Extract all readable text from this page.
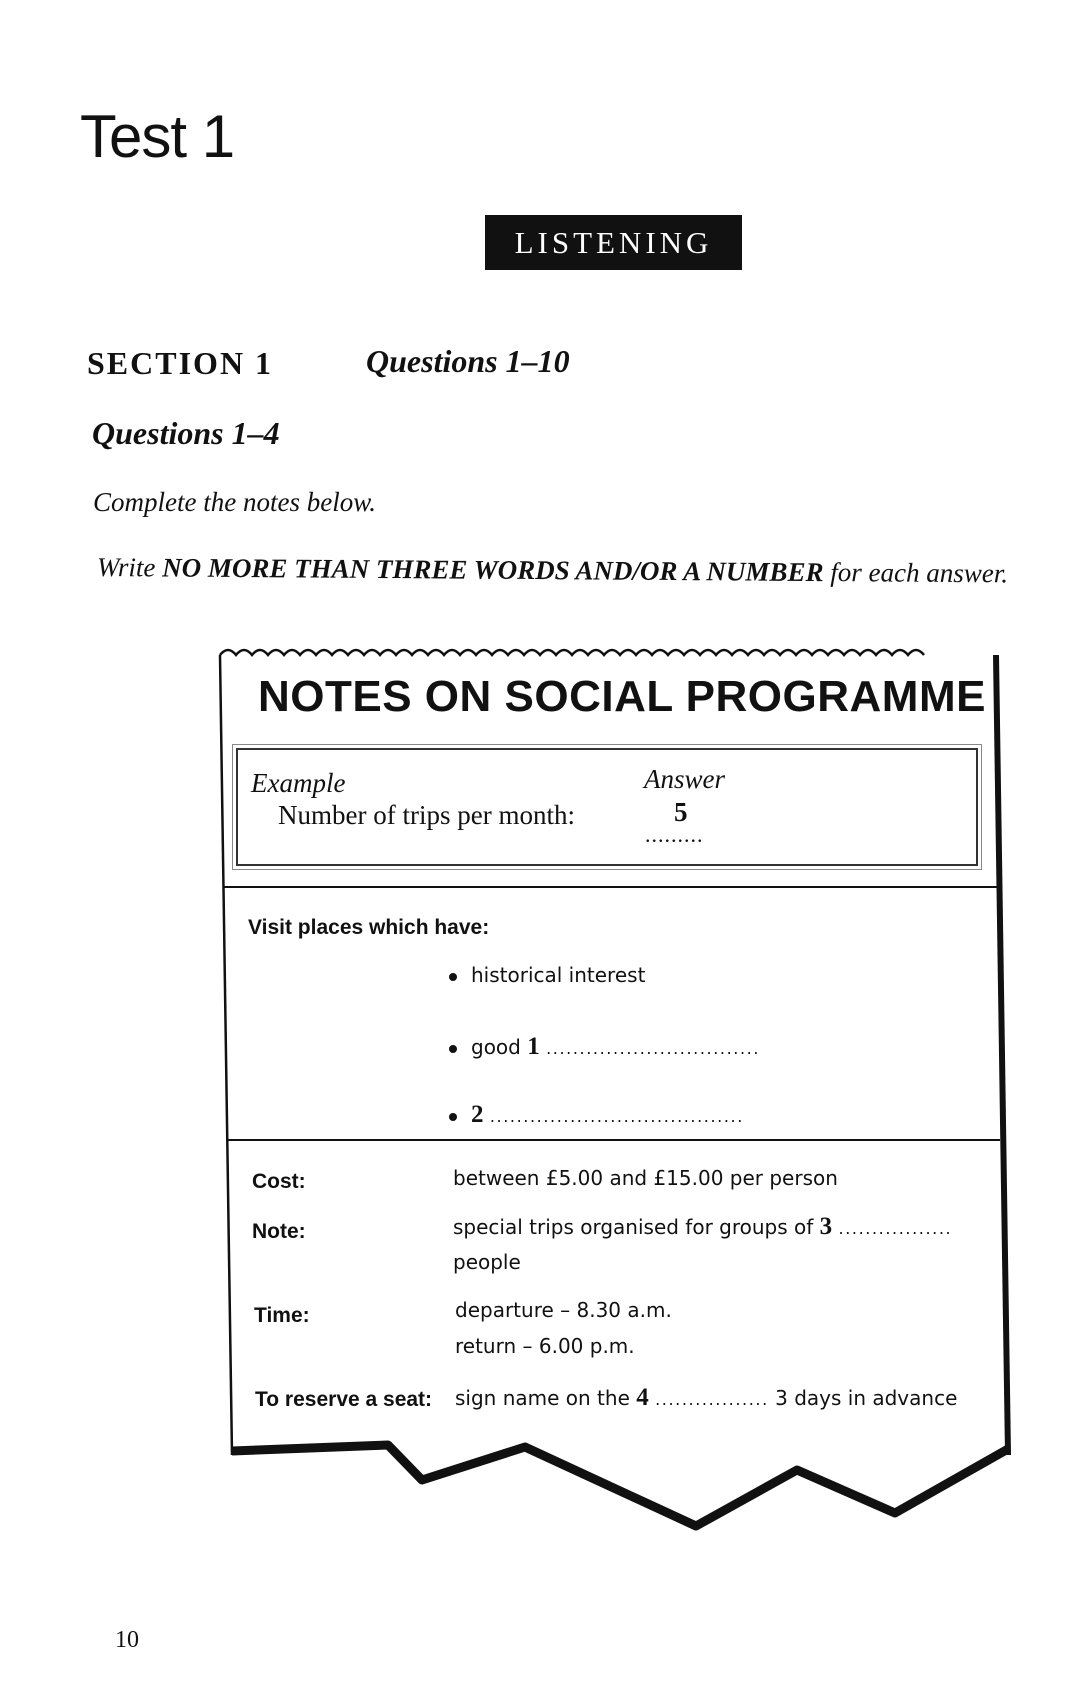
Test 1
LISTENING
SECTION 1	Questions 1–10
Questions 1–4
Complete the notes below.
Write NO MORE THAN THREE WORDS AND/OR A NUMBER for each answer.
NOTES ON SOCIAL PROGRAMME
Example
Number of trips per month:
Answer
5
.........
Visit places which have:
historical interest
good 1 ................................
2 ......................................
Cost:	between £5.00 and £15.00 per person
Note:	special trips organised for groups of 3 .................
people
Time:	departure – 8.30 a.m.
return – 6.00 p.m.
To reserve a seat: sign name on the 4 ................. 3 days in advance
10
